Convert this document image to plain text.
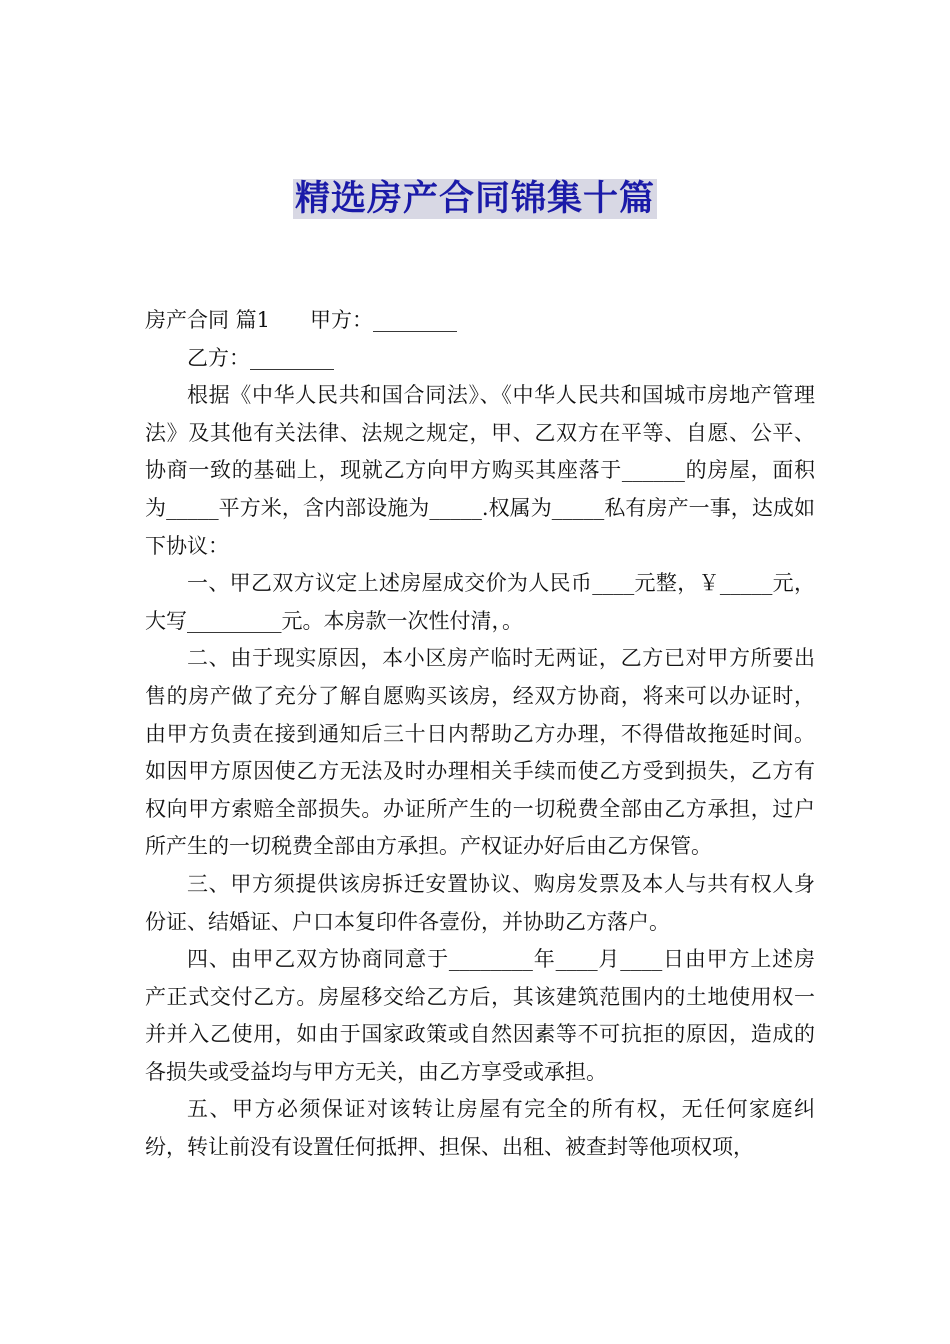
精选房产合同锦集十篇

房产合同 篇1 甲方：________

乙方：________

根据《中华人民共和国合同法》、《中华人民共和国城市房地产管理法》及其他有关法律、法规之规定，甲、乙双方在平等、自愿、公平、协商一致的基础上，现就乙方向甲方购买其座落于______的房屋，面积为_____平方米，含内部设施为_____.权属为_____私有房产一事，达成如下协议：

一、甲乙双方议定上述房屋成交价为人民币____元整，￥_____元，大写_________元。本房款一次性付清，。

二、由于现实原因，本小区房产临时无两证，乙方已对甲方所要出售的房产做了充分了解自愿购买该房，经双方协商，将来可以办证时，由甲方负责在接到通知后三十日内帮助乙方办理，不得借故拖延时间。如因甲方原因使乙方无法及时办理相关手续而使乙方受到损失，乙方有权向甲方索赔全部损失。办证所产生的一切税费全部由乙方承担，过户所产生的一切税费全部由方承担。产权证办好后由乙方保管。

三、甲方须提供该房拆迁安置协议、购房发票及本人与共有权人身份证、结婚证、户口本复印件各壹份，并协助乙方落户。

四、由甲乙双方协商同意于________年____月____日由甲方上述房产正式交付乙方。房屋移交给乙方后，其该建筑范围内的土地使用权一并并入乙使用，如由于国家政策或自然因素等不可抗拒的原因，造成的各损失或受益均与甲方无关，由乙方享受或承担。

五、甲方必须保证对该转让房屋有完全的所有权，无任何家庭纠纷，转让前没有设置任何抵押、担保、出租、被查封等他项权项，
